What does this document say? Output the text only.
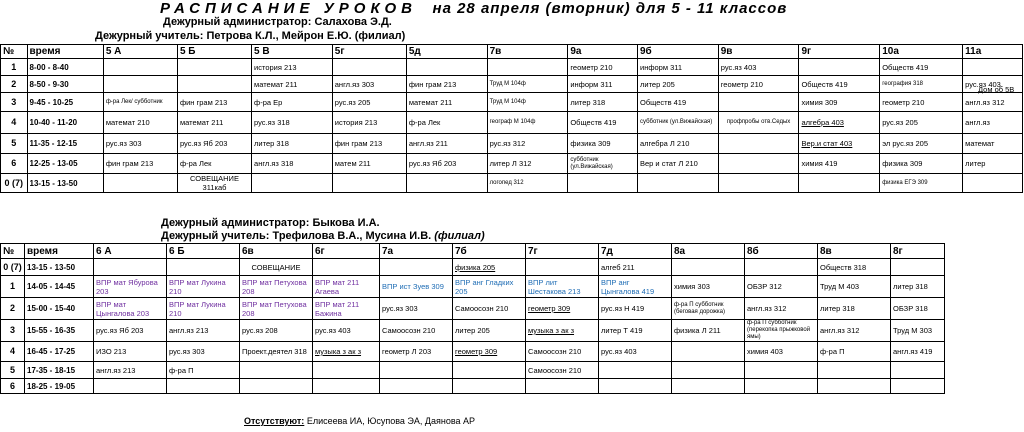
РАСПИСАНИЕ УРОКОВ на 28 апреля (вторник) для 5 - 11 классов
Дежурный администратор: Салахова Э.Д.
Дежурный учитель: Петрова К.Л., Мейрон Е.Ю. (филиал)
№	время	5 А	5 Б	5 В	5г	5д	7в	9а	9б	9в	9г	10а	11а
1	8-00 - 8-40			история 213				геометр 210	информ 311	рус.яз 403		Обществ 419	
2	8-50 - 9-30			математ 211	англ.яз 303	фин грам 213	Труд М 104ф	информ 311	литер 205	геометр 210	Обществ 419	география 318	рус.яз 403
3	9-45 - 10-25	ф-ра Лек/ субботник	фин грам 213	ф-ра Ер	рус.яз 205	математ 211	Труд М 104ф	литер 318	Обществ 419		химия 309	геометр 210	англ.яз 312
4	10-40 - 11-20	математ 210	математ 211	рус.яз 318	история 213	ф-ра Лек	географ М 104ф	Обществ 419	субботник (ул.Вижайская)	профпробы отв.Седых	алгебра 403	рус.яз 205	англ.яз
5	11-35 - 12-15	рус.яз 303	рус.яз Яб 203	литер 318	фин грам 213	англ.яз 211	рус.яз 312	физика 309	алгебра Л 210		Вер.и стат 403	эл рус.яз 205	математ
6	12-25 - 13-05	фин грам 213	ф-ра Лек	англ.яз 318	матем 211	рус.яз Яб 203	литер Л 312	субботник (ул.Вижайская)	Вер и стат Л 210		химия 419	физика 309	литер
0 (7)	13-15 - 13-50		СОВЕЩАНИЕ 311каб				логопед 312					физика ЕГЭ 309	
Дом об 5В
Дежурный администратор: Быкова И.А.
Дежурный учитель: Трефилова В.А., Мусина И.В. (филиал)
№	время	6 А	6 Б	6в	6г	7а	7б	7г	7д	8а	8б	8в	8г
0 (7)	13-15 - 13-50			СОВЕЩАНИЕ			физика 205		алгеб 211			Обществ 318	
1	14-05 - 14-45	ВПР мат Ябурова 203	ВПР мат Лукина 210	ВПР мат Петухова 208	ВПР мат 211 Агаева	ВПР ист Зуев 309	ВПР анг Гладких 205	ВПР лит Шестакова 213	ВПР анг Цынгалова 419	химия 303	ОБЗР 312	Труд М 403	литер 318
2	15-00 - 15-40	ВПР мат Цынгалова 203	ВПР мат Лукина 210	ВПР мат Петухова 208	ВПР мат 211 Бажина	рус.яз 303	Самоосозн 210	геометр 309	рус.яз Н 419	ф-ра П субботник (беговая дорожка)	англ.яз 312	литер 318	ОБЗР 318
3	15-55 - 16-35	рус.яз Яб 203	англ.яз 213	рус.яз 208	рус.яз 403	Самоосозн 210	литер 205	музыка з ак з	литер Т 419	физика Л 211	ф-ра П субботник (перекопка прыжковой ямы)	англ.яз 312	Труд М 303
4	16-45 - 17-25	ИЗО 213	рус.яз 303	Проект.деятел 318	музыка з ак з	геометр Л 203	геометр 309	Самоосозн 210	рус.яз 403		химия 403	ф-ра П	англ.яз 419
5	17-35 - 18-15	англ.яз 213	ф-ра П					Самоосозн 210					
6	18-25 - 19-05												
Отсутствуют: Елисеева ИА, Юсупова ЭА, Даянова АР
